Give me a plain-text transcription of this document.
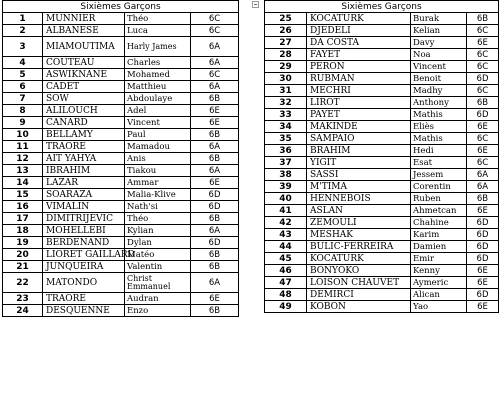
Sixièmes Garçons			
1	MUNNIER	Théo	6C
2	ALBANESE	Luca	6C
3	MIAMOUTIMA	Harly James	6A
4	COUTEAU	Charles	6A
5	ASWIKNANE	Mohamed	6C
6	CADET	Matthieu	6A
7	SOW	Abdoulaye	6B
8	ALILOUCH	Adel	6E
9	CANARD	Vincent	6E
10	BELLAMY	Paul	6B
11	TRAORE	Mamadou	6A
12	AIT YAHYA	Anis	6B
13	IBRAHIM	Tiakou	6A
14	LAZAR	Ammar	6E
15	SOARAZA	Malia-Klive	6D
16	VIMALIN	Nath'si	6D
17	DIMITRIJEVIC	Théo	6B
18	MOHELLEBI	Kylian	6A
19	BERDENAND	Dylan	6D
20	LIORET GAILLARD	Matéo	6B
21	JUNQUEIRA	Valentin	6B
22	MATONDO	Christ Emmanuel	6A
23	TRAORE	Audran	6E
24	DESQUENNE	Enzo	6B
Sixièmes Garçons			
25	KOCATURK	Burak	6B
26	DJEDELI	Kelian	6C
27	DA COSTA	Davy	6E
28	FAYET	Noa	6C
29	PERON	Vincent	6C
30	RUBMAN	Benoit	6D
31	MECHRI	Madhy	6C
32	LIROT	Anthony	6B
33	PAYET	Mathis	6D
34	MAKINDE	Eliès	6E
35	SAMPAIO	Mathis	6C
36	BRAHIM	Hedi	6E
37	YIGIT	Esat	6C
38	SASSI	Jessem	6A
39	M'TIMA	Corentin	6A
40	HENNEBOIS	Ruben	6B
41	ASLAN	Ahmetcan	6E
42	ZEMOULI	Chahine	6D
43	MESHAK	Karim	6D
44	BULIC-FERREIRA	Damien	6D
45	KOCATURK	Emir	6D
46	BONYOKO	Kenny	6E
47	LOISON CHAUVET	Aymeric	6E
48	DEMIRCI	Alican	6D
49	KOBON	Yao	6E
